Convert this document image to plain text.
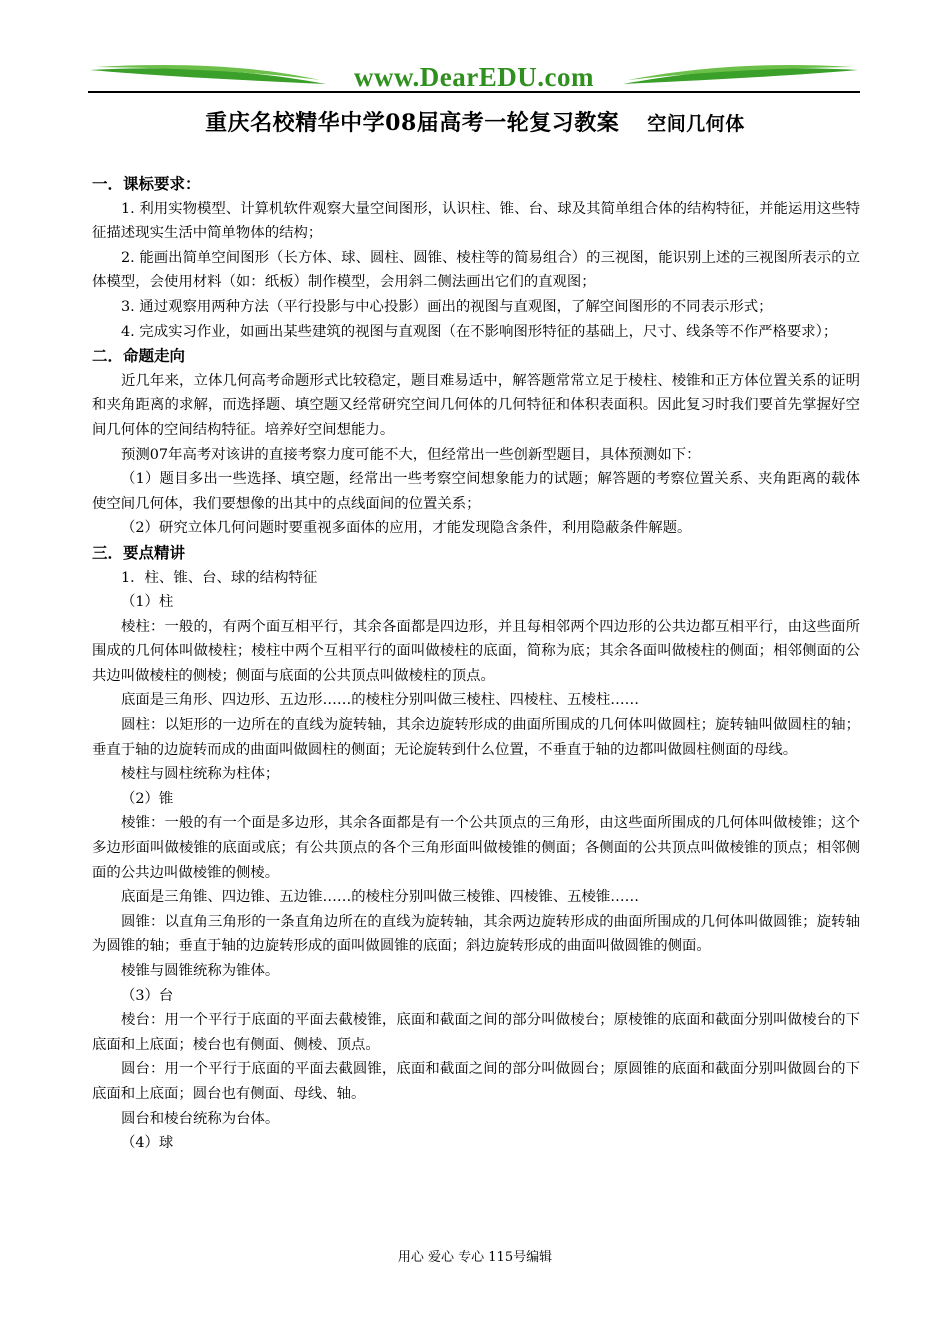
www.DearEDU.com
重庆名校精华中学08届高考一轮复习教案 空间几何体
一．课标要求：

1. 利用实物模型、计算机软件观察大量空间图形，认识柱、锥、台、球及其简单组合体的结构特征，并能运用这些特征描述现实生活中简单物体的结构；

2. 能画出简单空间图形（长方体、球、圆柱、圆锥、棱柱等的简易组合）的三视图，能识别上述的三视图所表示的立体模型，会使用材料（如：纸板）制作模型，会用斜二侧法画出它们的直观图；

3. 通过观察用两种方法（平行投影与中心投影）画出的视图与直观图，了解空间图形的不同表示形式；

4. 完成实习作业，如画出某些建筑的视图与直观图（在不影响图形特征的基础上，尺寸、线条等不作严格要求）；

二．命题走向

近几年来，立体几何高考命题形式比较稳定，题目难易适中，解答题常常立足于棱柱、棱锥和正方体位置关系的证明和夹角距离的求解，而选择题、填空题又经常研究空间几何体的几何特征和体积表面积。因此复习时我们要首先掌握好空间几何体的空间结构特征。培养好空间想能力。

预测07年高考对该讲的直接考察力度可能不大，但经常出一些创新型题目，具体预测如下：

（1）题目多出一些选择、填空题，经常出一些考察空间想象能力的试题；解答题的考察位置关系、夹角距离的载体使空间几何体，我们要想像的出其中的点线面间的位置关系；

（2）研究立体几何问题时要重视多面体的应用，才能发现隐含条件，利用隐蔽条件解题。

三．要点精讲

1．柱、锥、台、球的结构特征

（1）柱

棱柱：一般的，有两个面互相平行，其余各面都是四边形，并且每相邻两个四边形的公共边都互相平行，由这些面所围成的几何体叫做棱柱；棱柱中两个互相平行的面叫做棱柱的底面，简称为底；其余各面叫做棱柱的侧面；相邻侧面的公共边叫做棱柱的侧棱；侧面与底面的公共顶点叫做棱柱的顶点。

底面是三角形、四边形、五边形……的棱柱分别叫做三棱柱、四棱柱、五棱柱……

圆柱：以矩形的一边所在的直线为旋转轴，其余边旋转形成的曲面所围成的几何体叫做圆柱；旋转轴叫做圆柱的轴；垂直于轴的边旋转而成的曲面叫做圆柱的侧面；无论旋转到什么位置，不垂直于轴的边都叫做圆柱侧面的母线。

棱柱与圆柱统称为柱体；

（2）锥

棱锥：一般的有一个面是多边形，其余各面都是有一个公共顶点的三角形，由这些面所围成的几何体叫做棱锥；这个多边形面叫做棱锥的底面或底；有公共顶点的各个三角形面叫做棱锥的侧面；各侧面的公共顶点叫做棱锥的顶点；相邻侧面的公共边叫做棱锥的侧棱。

底面是三角锥、四边锥、五边锥……的棱柱分别叫做三棱锥、四棱锥、五棱锥……

圆锥：以直角三角形的一条直角边所在的直线为旋转轴，其余两边旋转形成的曲面所围成的几何体叫做圆锥；旋转轴为圆锥的轴；垂直于轴的边旋转形成的面叫做圆锥的底面；斜边旋转形成的曲面叫做圆锥的侧面。

棱锥与圆锥统称为锥体。

（3）台

棱台：用一个平行于底面的平面去截棱锥，底面和截面之间的部分叫做棱台；原棱锥的底面和截面分别叫做棱台的下底面和上底面；棱台也有侧面、侧棱、顶点。

圆台：用一个平行于底面的平面去截圆锥，底面和截面之间的部分叫做圆台；原圆锥的底面和截面分别叫做圆台的下底面和上底面；圆台也有侧面、母线、轴。

圆台和棱台统称为台体。

（4）球

用心 爱心 专心 115号编辑
